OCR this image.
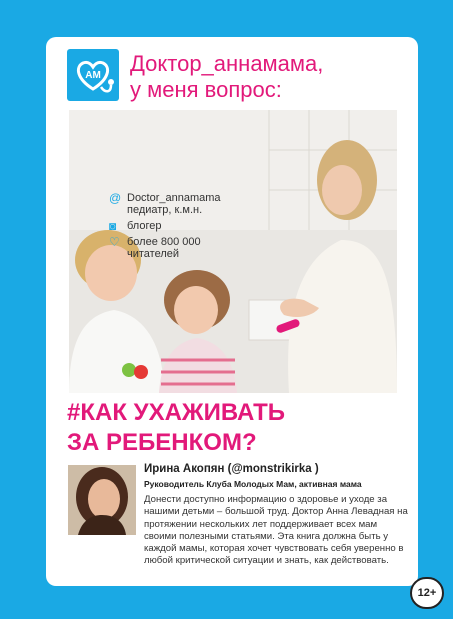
АМ Доктор_аннамама,
у меня вопрос:
@ Doctor_annamama
педиатр, к.м.н.
◙ блогер
♡ более 800 000
читателей
#КАК УХАЖИВАТЬ
ЗА РЕБЕНКОМ?
Ирина Акопян (@monstrikirka )
Руководитель Клуба Молодых Мам, активная мама
Донести доступно информацию о здоровье и уходе за нашими детьми – большой труд. Доктор Анна Левадная на протяжении нескольких лет поддерживает всех мам своими полезными статьями. Эта книга должна быть у каждой мамы, которая хочет чувствовать себя уверенно в любой критической ситуации и знать, как действовать.
12+
